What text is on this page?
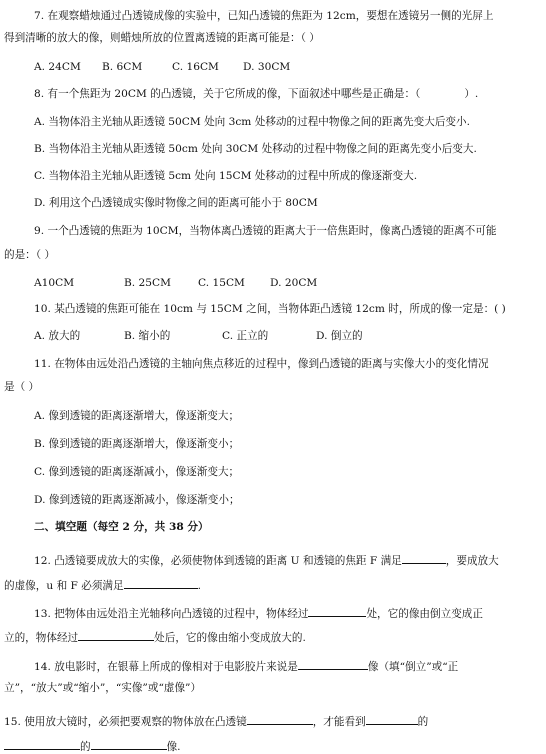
7. 在观察蜡烛通过凸透镜成像的实验中，已知凸透镜的焦距为 12cm，要想在透镜另一侧的光屏上
得到清晰的放大的像，则蜡烛所放的位置离透镜的距离可能是：（ ）
A. 24CM B. 6CM	C. 16CM D. 30CM
8. 有一个焦距为 20CM 的凸透镜，关于它所成的像，下面叙述中哪些是正确是：（	）.
A. 当物体沿主光轴从距透镜 50CM 处向 3cm 处移动的过程中物像之间的距离先变大后变小.
B. 当物体沿主光轴从距透镜 50cm 处向 30CM 处移动的过程中物像之间的距离先变小后变大.
C. 当物体沿主光轴从距透镜 5cm 处向 15CM 处移动的过程中所成的像逐渐变大.
D. 利用这个凸透镜成实像时物像之间的距离可能小于 80CM
9. 一个凸透镜的焦距为 10CM，当物体离凸透镜的距离大于一倍焦距时，像离凸透镜的距离不可能
的是：（ ）
A10CM	B. 25CM	C. 15CM D. 20CM
10. 某凸透镜的焦距可能在 10cm 与 15CM 之间，当物体距凸透镜 12cm 时，所成的像一定是：( )
A. 放大的	B. 缩小的	C. 正立的	D. 倒立的
11. 在物体由远处沿凸透镜的主轴向焦点移近的过程中，像到凸透镜的距离与实像大小的变化情况
是（ ）
A. 像到透镜的距离逐渐增大，像逐渐变大；
B. 像到透镜的距离逐渐增大，像逐渐变小；
C. 像到透镜的距离逐渐减小，像逐渐变大；
D. 像到透镜的距离逐渐减小，像逐渐变小；
二、填空题（每空 2 分，共 38 分）
12. 凸透镜要成放大的实像，必须使物体到透镜的距离 U 和透镜的焦距 F 满足	，要成放大
的虚像，u 和 F 必须满足	.
13. 把物体由远处沿主光轴移向凸透镜的过程中，物体经过	处，它的像由倒立变成正
立的，物体经过	处后，它的像由缩小变成放大的.
14. 放电影时，在银幕上所成的像相对于电影胶片来说是	像（填“倒立”或“正
立”，“放大”或“缩小”，“实像”或“虚像”）
15. 使用放大镜时，必须把要观察的物体放在凸透镜	，才能看到	的
的	像.
